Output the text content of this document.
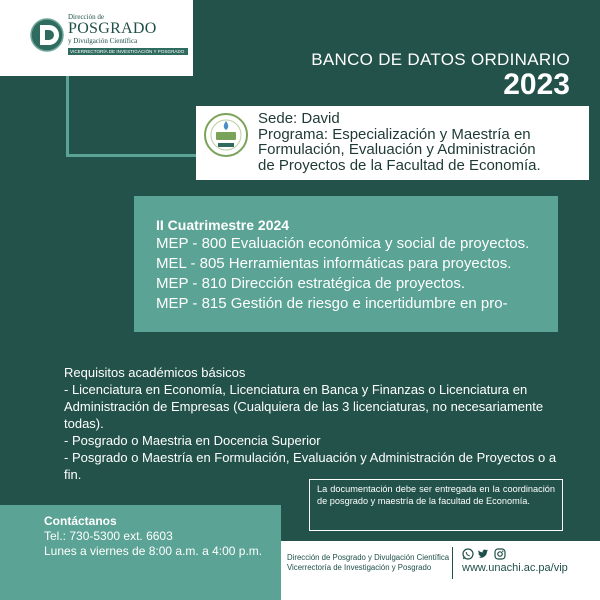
Dirección de
POSGRADO
y Divulgación Científica
VICERRECTORÍA DE INVESTIGACIÓN Y POSGRADO	BANCO DE DATOS ORDINARIO
2023
Sede: David
Programa: Especialización y Maestría en
Formulación, Evaluación y Administración
de Proyectos de la Facultad de Economía.
II Cuatrimestre 2024
MEP - 800 Evaluación económica y social de proyectos.
MEL - 805 Herramientas informáticas para proyectos.
MEP - 810 Dirección estratégica de proyectos.
MEP - 815 Gestión de riesgo e incertidumbre en pro-
Requisitos académicos básicos
- Licenciatura en Economía, Licenciatura en Banca y Finanzas o Licenciatura en Administración de Empresas (Cualquiera de las 3 licenciaturas, no necesariamente todas).
- Posgrado o Maestria en Docencia Superior
- Posgrado o Maestría en Formulación, Evaluación y Administración de Proyectos o a fin.
La documentación debe ser entregada en la coordinación de posgrado y maestría de la facultad de Economía.
Contáctanos
Tel.: 730-5300 ext. 6603
Lunes a viernes de 8:00 a.m. a 4:00 p.m.	Dirección de Posgrado y Divulgación Científica
Vicerrectoría de Investigación y Posgrado	www.unachi.ac.pa/vip
